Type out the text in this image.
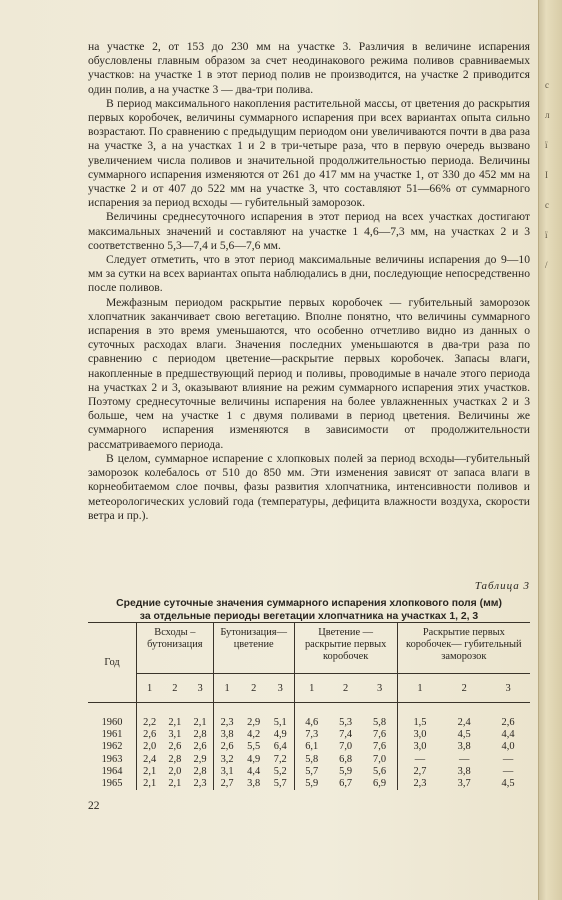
с
л
ї
І
с
ї
/

на участке 2, от 153 до 230 мм на участке 3. Различия в величине испарения обусловлены главным образом за счет неодинакового режима поливов сравниваемых участков: на участке 1 в этот период полив не производится, на участке 2 приводится один полив, а на участке 3 — два-три полива.

В период максимального накопления растительной массы, от цветения до раскрытия первых коробочек, величины суммарного испарения при всех вариантах опыта сильно возрастают. По сравнению с предыдущим периодом они увеличиваются почти в два раза на участке 3, а на участках 1 и 2 в три-четыре раза, что в первую очередь вызвано увеличением числа поливов и значительной продолжительностью периода. Величины суммарного испарения изменяются от 261 до 417 мм на участке 1, от 330 до 452 мм на участке 2 и от 407 до 522 мм на участке 3, что составляют 51—66% от суммарного испарения за период всходы — губительный заморозок.

Величины среднесуточного испарения в этот период на всех участках достигают максимальных значений и составляют на участке 1 4,6—7,3 мм, на участках 2 и 3 соответственно 5,3—7,4 и 5,6—7,6 мм.

Следует отметить, что в этот период максимальные величины испарения до 9—10 мм за сутки на всех вариантах опыта наблюдались в дни, последующие непосредственно после поливов.

Межфазным периодом раскрытие первых коробочек — губительный заморозок хлопчатник заканчивает свою вегетацию. Вполне понятно, что величины суммарного испарения в это время уменьшаются, что особенно отчетливо видно из данных о суточных расходах влаги. Значения последних уменьшаются в два-три раза по сравнению с периодом цветение—раскрытие первых коробочек. Запасы влаги, накопленные в предшествующий период и поливы, проводимые в начале этого периода на участках 2 и 3, оказывают влияние на режим суммарного испарения этих участков. Поэтому среднесуточные величины испарения на более увлажненных участках 2 и 3 больше, чем на участке 1 с двумя поливами в период цветения. Величины же суммарного испарения изменяются в зависимости от продолжительности рассматриваемого периода.

В целом, суммарное испарение с хлопковых полей за период всходы—губительный заморозок колебалось от 510 до 850 мм. Эти изменения зависят от запаса влаги в корнеобитаемом слое почвы, фазы развития хлопчатника, интенсивности поливов и метеорологических условий года (температуры, дефицита влажности воздуха, скорости ветра и пр.).

Таблица 3
Средние суточные значения суммарного испарения хлопкового поля (мм)
за отдельные периоды вегетации хлопчатника на участках 1, 2, 3
Год	Всходы – бутонизация			Бутонизация— цветение			Цветение —раскрытие первых коробочек			Раскрытие первых коробочек— губительный заморозок		
	1	2	3	1	2	3	1	2	3	1	2	3
1960	2,2	2,1	2,1	2,3	2,9	5,1	4,6	5,3	5,8	1,5	2,4	2,6
1961	2,6	3,1	2,8	3,8	4,2	4,9	7,3	7,4	7,6	3,0	4,5	4,4
1962	2,0	2,6	2,6	2,6	5,5	6,4	6,1	7,0	7,6	3,0	3,8	4,0
1963	2,4	2,8	2,9	3,2	4,9	7,2	5,8	6,8	7,0	—	—	—
1964	2,1	2,0	2,8	3,1	4,4	5,2	5,7	5,9	5,6	2,7	3,8	—
1965	2,1	2,1	2,3	2,7	3,8	5,7	5,9	6,7	6,9	2,3	3,7	4,5
22
